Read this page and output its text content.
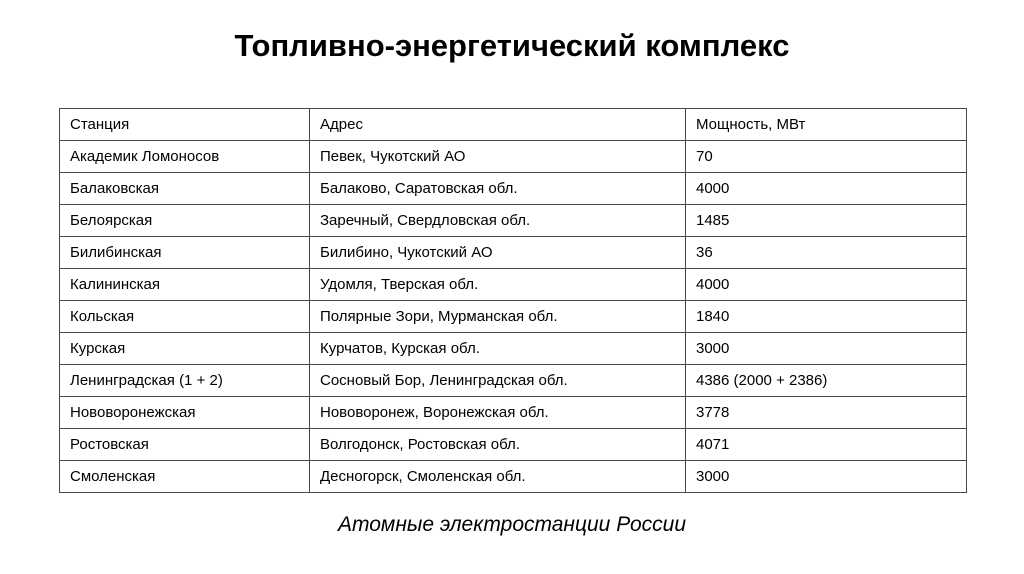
Топливно-энергетический комплекс
Станция	Адрес	Мощность, МВт
Академик Ломоносов	Певек, Чукотский АО	70
Балаковская	Балаково, Саратовская обл.	4000
Белоярская	Заречный, Свердловская обл.	1485
Билибинская	Билибино, Чукотский АО	36
Калининская	Удомля, Тверская обл.	4000
Кольская	Полярные Зори, Мурманская обл.	1840
Курская	Курчатов, Курская обл.	3000
Ленинградская (1 + 2)	Сосновый Бор, Ленинградская обл.	4386 (2000 + 2386)
Нововоронежская	Нововоронеж, Воронежская обл.	3778
Ростовская	Волгодонск, Ростовская обл.	4071
Смоленская	Десногорск, Смоленская обл.	3000
Атомные электростанции России
